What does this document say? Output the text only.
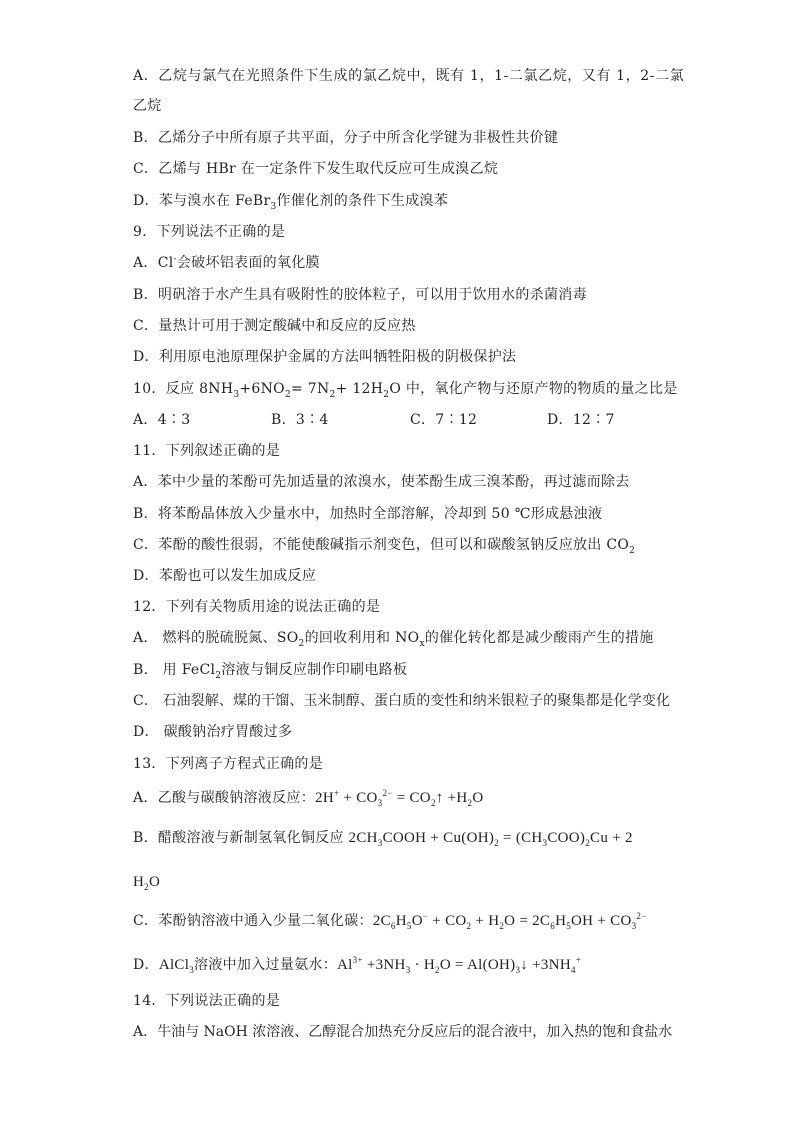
A．乙烷与氯气在光照条件下生成的氯乙烷中，既有 1，1-二氯乙烷，又有 1，2-二氯
乙烷
B．乙烯分子中所有原子共平面，分子中所含化学键为非极性共价键
C．乙烯与 HBr 在一定条件下发生取代反应可生成溴乙烷
D．苯与溴水在 FeBr$_3$作催化剂的条件下生成溴苯
9．下列说法不正确的是
A．Cl-会破坏铝表面的氧化膜
B．明矾溶于水产生具有吸附性的胶体粒子，可以用于饮用水的杀菌消毒
C．量热计可用于测定酸碱中和反应的反应热
D．利用原电池原理保护金属的方法叫牺牲阳极的阴极保护法
10．反应 $8NH_3+6NO_2= 7N_2+ 12H_2O$ 中，氧化产物与还原产物的物质的量之比是
A．4∶3	B．3∶4	C．7∶12	D．12∶7
11．下列叙述正确的是
A．苯中少量的苯酚可先加适量的浓溴水，使苯酚生成三溴苯酚，再过滤而除去
B．将苯酚晶体放入少量水中，加热时全部溶解，冷却到 50 ℃形成悬浊液
C．苯酚的酸性很弱，不能使酸碱指示剂变色，但可以和碳酸氢钠反应放出 $CO_2$
D．苯酚也可以发生加成反应
12．下列有关物质用途的说法正确的是
A． 燃料的脱硫脱氮、$SO_2$的回收利用和 $NO_x$的催化转化都是减少酸雨产生的措施
B． 用 FeCl$_2$溶液与铜反应制作印刷电路板
C． 石油裂解、煤的干馏、玉米制醇、蛋白质的变性和纳米银粒子的聚集都是化学变化
D． 碳酸钠治疗胃酸过多
13．下列离子方程式正确的是
A．乙酸与碳酸钠溶液反应：$2H^+ + CO_3^{2-}$ = $CO_2↑ +H_2O$
B．醋酸溶液与新制氢氧化铜反应 $2CH_3COOH + Cu(OH)_2 = (CH_3COO)_2Cu + 2$
$H_2O$
C．苯酚钠溶液中通入少量二氧化碳：$2C_6H_5O^- + CO_2 + H_2O = 2C_6H_5OH + CO_3^{2-}$
D．AlCl$_3$溶液中加入过量氨水：$Al^{3+} +3NH_3 \cdot H_2O$ = $Al(OH)_3↓ +3NH_4^+$
14．下列说法正确的是
A．牛油与 NaOH 浓溶液、乙醇混合加热充分反应后的混合液中，加入热的饱和食盐水
